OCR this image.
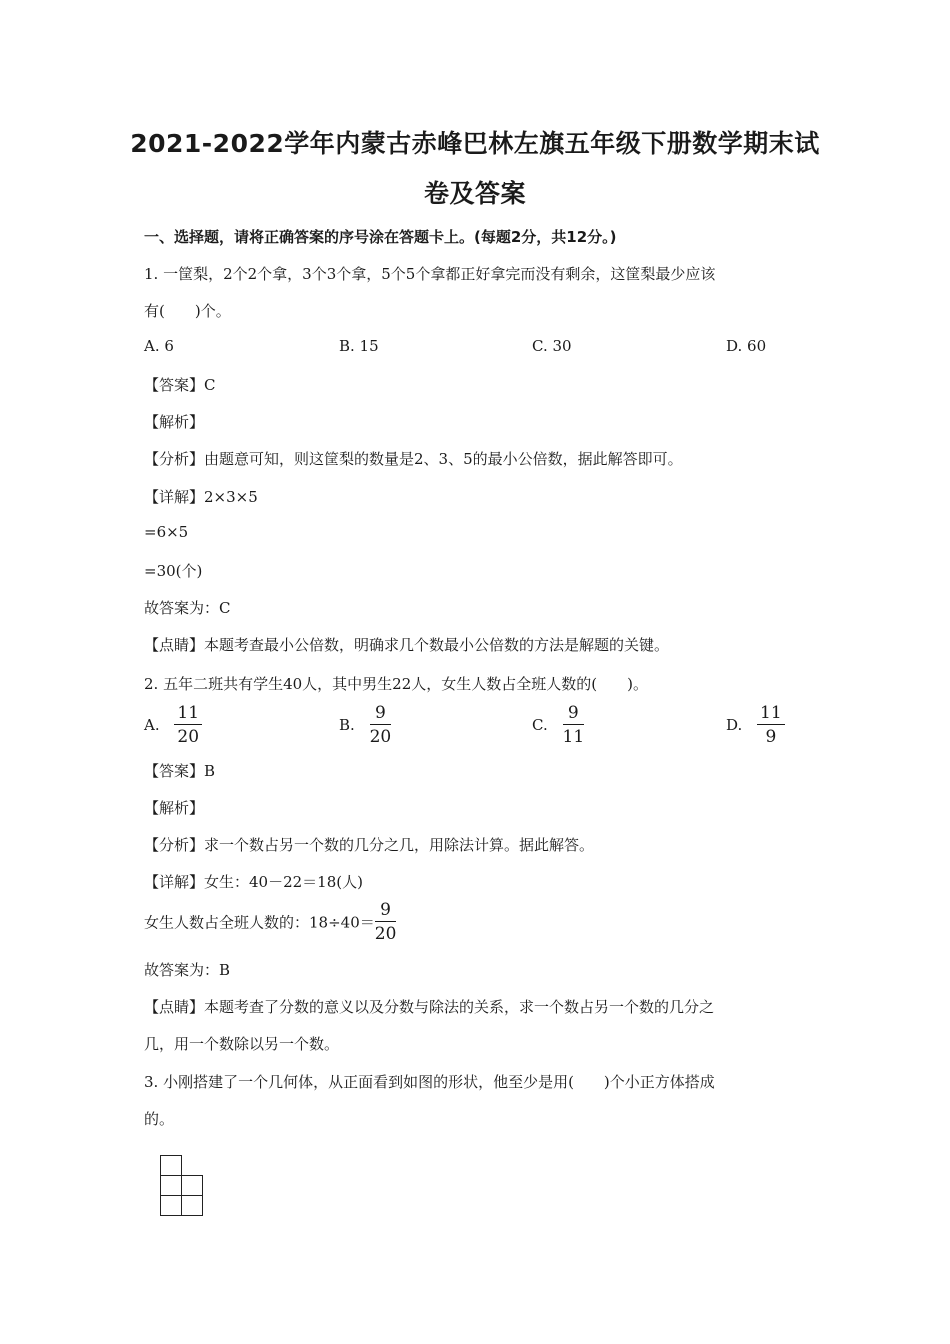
2021-2022学年内蒙古赤峰巴林左旗五年级下册数学期末试
卷及答案
一、选择题，请将正确答案的序号涂在答题卡上。(每题2分，共12分。)
1. 一筐梨，2个2个拿，3个3个拿，5个5个拿都正好拿完而没有剩余，这筐梨最少应该
有(　　)个。
A. 6	B. 15	C. 30	D. 60
【答案】C
【解析】
【分析】由题意可知，则这筐梨的数量是2、3、5的最小公倍数，据此解答即可。
【详解】2×3×5
=6×5
=30(个)
故答案为：C
【点睛】本题考查最小公倍数，明确求几个数最小公倍数的方法是解题的关键。
2. 五年二班共有学生40人，其中男生22人，女生人数占全班人数的(　　)。
A. $\frac{11}{20}$	B. $\frac{9}{20}$	C. $\frac{9}{11}$	D. $\frac{11}{9}$
【答案】B
【解析】
【分析】求一个数占另一个数的几分之几，用除法计算。据此解答。
【详解】女生：40－22＝18(人)
女生人数占全班人数的：$18\div 40= \frac{9}{20}$
故答案为：B
【点睛】本题考查了分数的意义以及分数与除法的关系，求一个数占另一个数的几分之
几，用一个数除以另一个数。
3. 小刚搭建了一个几何体，从正面看到如图的形状，他至少是用(　　)个小正方体搭成
的。
